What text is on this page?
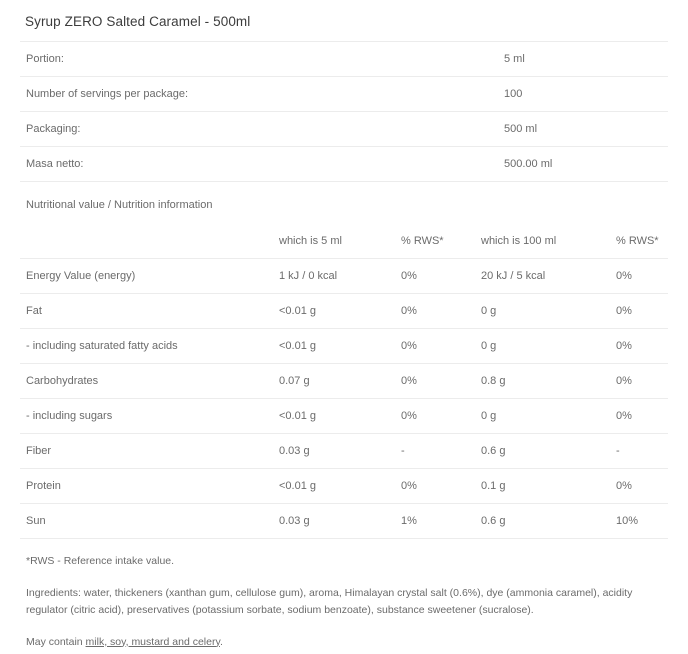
Syrup ZERO Salted Caramel - 500ml
Portion:	5 ml
Number of servings per package:	100
Packaging:	500 ml
Masa netto:	500.00 ml
Nutritional value / Nutrition information
	which is 5 ml	% RWS*	which is 100 ml	% RWS*
Energy Value (energy)	1 kJ / 0 kcal	0%	20 kJ / 5 kcal	0%
Fat	<0.01 g	0%	0 g	0%
- including saturated fatty acids	<0.01 g	0%	0 g	0%
Carbohydrates	0.07 g	0%	0.8 g	0%
- including sugars	<0.01 g	0%	0 g	0%
Fiber	0.03 g	-	0.6 g	-
Protein	<0.01 g	0%	0.1 g	0%
Sun	0.03 g	1%	0.6 g	10%
*RWS - Reference intake value.
Ingredients: water, thickeners (xanthan gum, cellulose gum), aroma, Himalayan crystal salt (0.6%), dye (ammonia caramel), acidity regulator (citric acid), preservatives (potassium sorbate, sodium benzoate), substance sweetener (sucralose).
May contain milk, soy, mustard and celery.
